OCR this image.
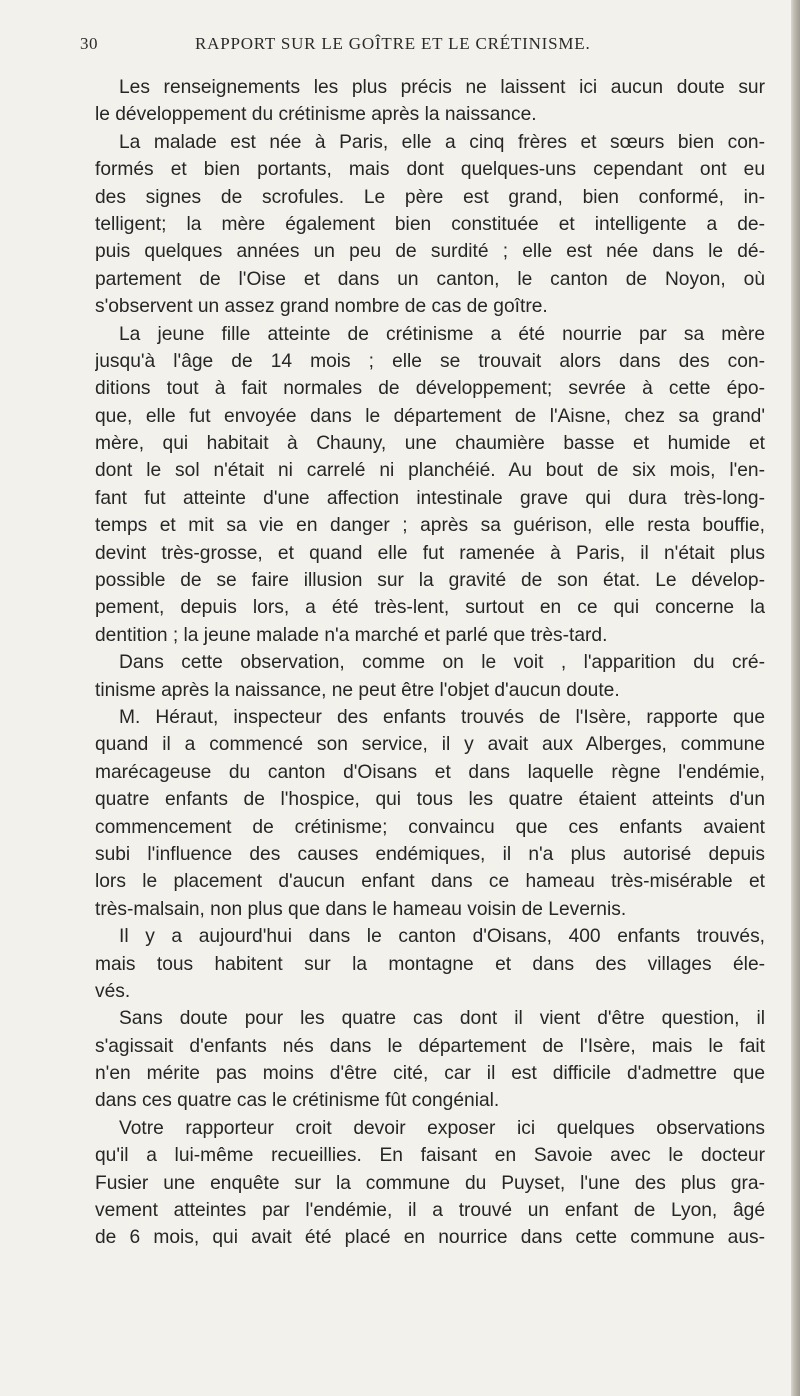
30	RAPPORT SUR LE GOÎTRE ET LE CRÉTINISME.
Les renseignements les plus précis ne laissent ici aucun doute sur
le développement du crétinisme après la naissance.
La malade est née à Paris, elle a cinq frères et sœurs bien con-
formés et bien portants, mais dont quelques-uns cependant ont eu
des signes de scrofules. Le père est grand, bien conformé, in-
telligent; la mère également bien constituée et intelligente a de-
puis quelques années un peu de surdité ; elle est née dans le dé-
partement de l'Oise et dans un canton, le canton de Noyon, où
s'observent un assez grand nombre de cas de goître.
La jeune fille atteinte de crétinisme a été nourrie par sa mère
jusqu'à l'âge de 14 mois ; elle se trouvait alors dans des con-
ditions tout à fait normales de développement; sevrée à cette épo-
que, elle fut envoyée dans le département de l'Aisne, chez sa grand'
mère, qui habitait à Chauny, une chaumière basse et humide et
dont le sol n'était ni carrelé ni planchéié. Au bout de six mois, l'en-
fant fut atteinte d'une affection intestinale grave qui dura très-long-
temps et mit sa vie en danger ; après sa guérison, elle resta bouffie,
devint très-grosse, et quand elle fut ramenée à Paris, il n'était plus
possible de se faire illusion sur la gravité de son état. Le dévelop-
pement, depuis lors, a été très-lent, surtout en ce qui concerne la
dentition ; la jeune malade n'a marché et parlé que très-tard.
Dans cette observation, comme on le voit , l'apparition du cré-
tinisme après la naissance, ne peut être l'objet d'aucun doute.
M. Héraut, inspecteur des enfants trouvés de l'Isère, rapporte que
quand il a commencé son service, il y avait aux Alberges, commune
marécageuse du canton d'Oisans et dans laquelle règne l'endémie,
quatre enfants de l'hospice, qui tous les quatre étaient atteints d'un
commencement de crétinisme; convaincu que ces enfants avaient
subi l'influence des causes endémiques, il n'a plus autorisé depuis
lors le placement d'aucun enfant dans ce hameau très-misérable et
très-malsain, non plus que dans le hameau voisin de Levernis.
Il y a aujourd'hui dans le canton d'Oisans, 400 enfants trouvés,
mais tous habitent sur la montagne et dans des villages éle-
vés.
Sans doute pour les quatre cas dont il vient d'être question, il
s'agissait d'enfants nés dans le département de l'Isère, mais le fait
n'en mérite pas moins d'être cité, car il est difficile d'admettre que
dans ces quatre cas le crétinisme fût congénial.
Votre rapporteur croit devoir exposer ici quelques observations
qu'il a lui-même recueillies. En faisant en Savoie avec le docteur
Fusier une enquête sur la commune du Puyset, l'une des plus gra-
vement atteintes par l'endémie, il a trouvé un enfant de Lyon, âgé
de 6 mois, qui avait été placé en nourrice dans cette commune aus-
